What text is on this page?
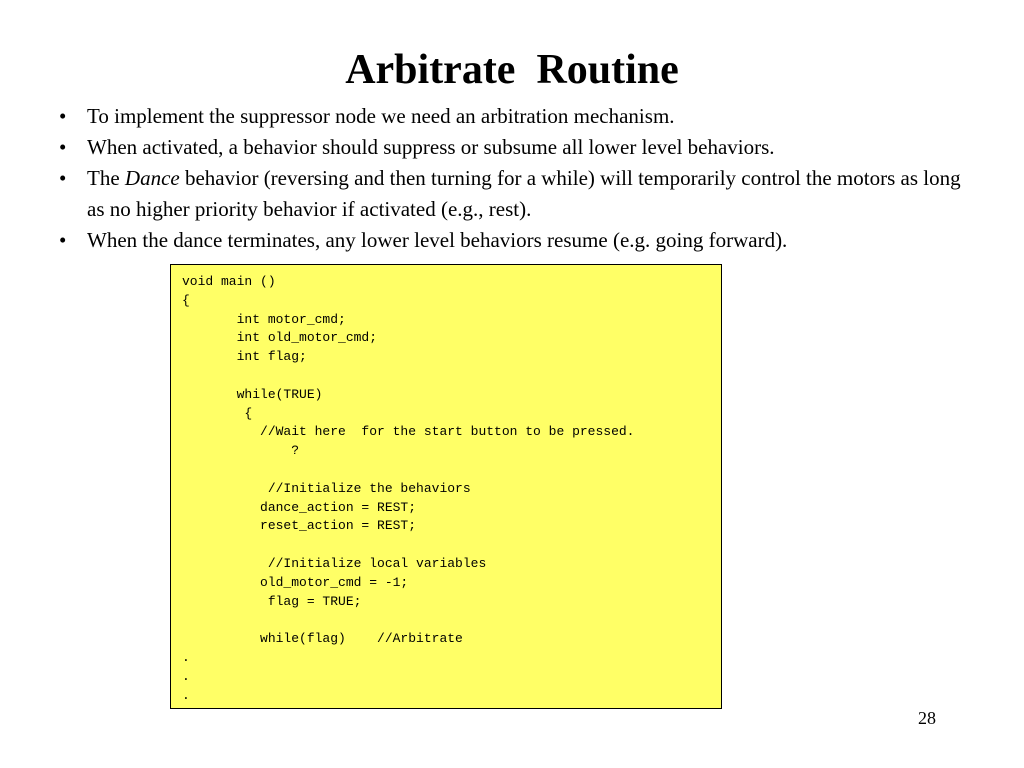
Arbitrate  Routine
• To implement the suppressor node we need an arbitration mechanism.
• When activated, a behavior should suppress or subsume all lower level behaviors.
• The Dance behavior (reversing and then turning for a while) will temporarily control the motors as long as no higher priority behavior if activated (e.g., rest).
• When the dance terminates, any lower level behaviors resume (e.g. going forward).
void main ()
{
int motor_cmd;
int old_motor_cmd;
int flag;
while(TRUE)
{
//Wait here  for the start button to be pressed.
?
//Initialize the behaviors
dance_action = REST;
reset_action = REST;
//Initialize local variables
old_motor_cmd = -1;
flag = TRUE;
while(flag)    //Arbitrate
.
.
.
28
